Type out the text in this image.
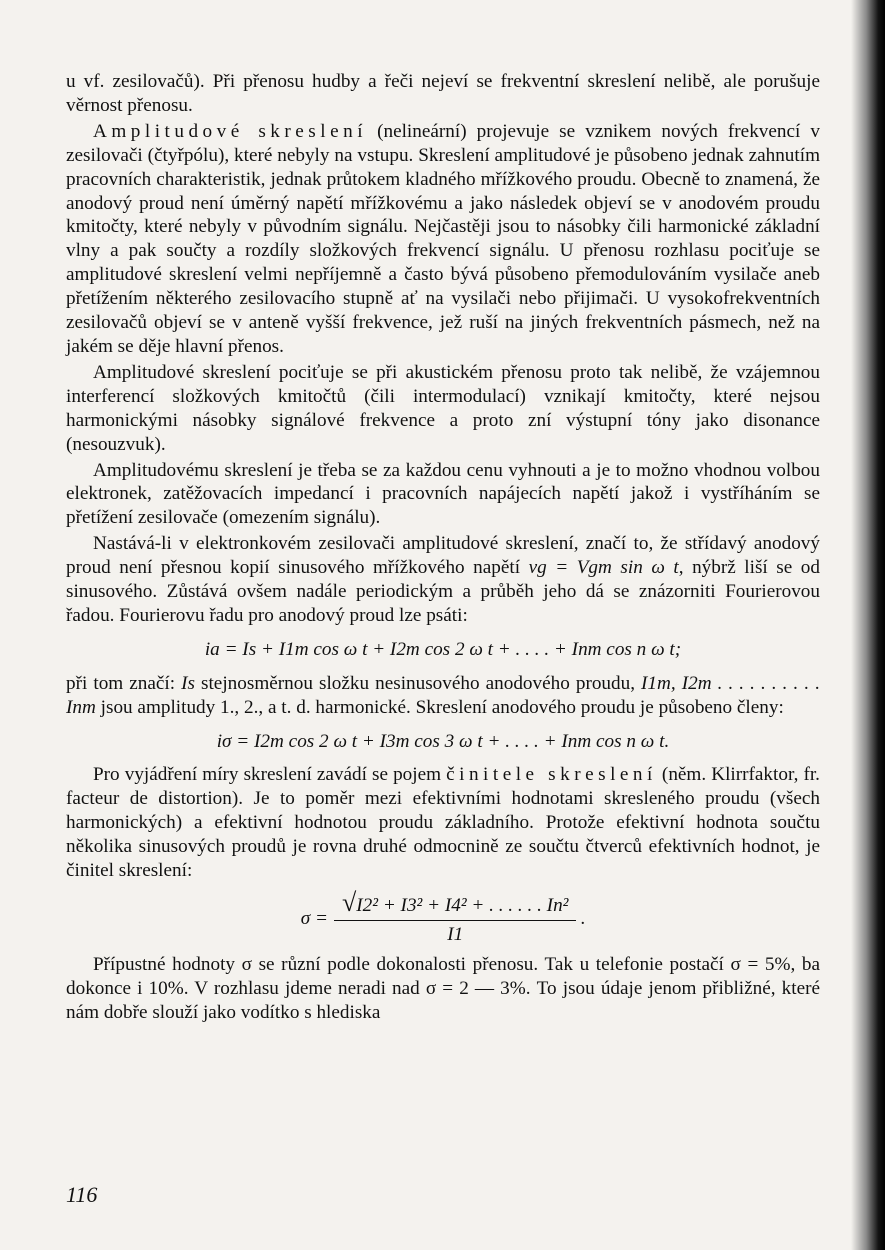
u vf. zesilovačů). Při přenosu hudby a řeči nejeví se frekventní skreslení nelibě, ale porušuje věrnost přenosu.

Amplitudové skreslení (nelineární) projevuje se vznikem nových frekvencí v zesilovači (čtyřpólu), které nebyly na vstupu. Skreslení amplitudové je působeno jednak zahnutím pracovních charakteristik, jednak průtokem kladného mřížkového proudu. Obecně to znamená, že anodový proud není úměrný napětí mřížkovému a jako následek objeví se v anodovém proudu kmitočty, které nebyly v původním signálu. Nejčastěji jsou to násobky čili harmonické základní vlny a pak součty a rozdíly složkových frekvencí signálu. U přenosu rozhlasu pociťuje se amplitudové skreslení velmi nepříjemně a často bývá působeno přemodulováním vysilače aneb přetížením některého zesilovacího stupně ať na vysilači nebo přijimači. U vysokofrekventních zesilovačů objeví se v anteně vyšší frekvence, jež ruší na jiných frekventních pásmech, než na jakém se děje hlavní přenos.

Amplitudové skreslení pociťuje se při akustickém přenosu proto tak nelibě, že vzájemnou interferencí složkových kmitočtů (čili intermodulací) vznikají kmitočty, které nejsou harmonickými násobky signálové frekvence a proto zní výstupní tóny jako disonance (nesouzvuk).

Amplitudovému skreslení je třeba se za každou cenu vyhnouti a je to možno vhodnou volbou elektronek, zatěžovacích impedancí i pracovních napájecích napětí jakož i vystříháním se přetížení zesilovače (omezením signálu).

Nastává-li v elektronkovém zesilovači amplitudové skreslení, značí to, že střídavý anodový proud není přesnou kopií sinusového mřížkového napětí vg = Vgm sin ω t, nýbrž liší se od sinusového. Zůstává ovšem nadále periodickým a průběh jeho dá se znázorniti Fourierovou řadou. Fourierovu řadu pro anodový proud lze psáti:

ia = Is + I1m cos ω t + I2m cos 2 ω t + . . . . + Inm cos n ω t;

při tom značí: Is stejnosměrnou složku nesinusového anodového proudu, I1m, I2m . . . . . . . . . . Inm jsou amplitudy 1., 2., a t. d. harmonické. Skreslení anodového proudu je působeno členy:

iσ = I2m cos 2 ω t + I3m cos 3 ω t + . . . . + Inm cos n ω t.

Pro vyjádření míry skreslení zavádí se pojem činitele skreslení (něm. Klirrfaktor, fr. facteur de distortion). Je to poměr mezi efektivními hodnotami skresleného proudu (všech harmonických) a efektivní hodnotou proudu základního. Protože efektivní hodnota součtu několika sinusových proudů je rovna druhé odmocnině ze součtu čtverců efektivních hodnot, je činitel skreslení:

$\sigma = \frac{\text{√I2² + I3² + I4² + . . . . . . In²}}{I1}$ .

Přípustné hodnoty σ se různí podle dokonalosti přenosu. Tak u telefonie postačí σ = 5%, ba dokonce i 10%. V rozhlasu jdeme neradi nad σ = 2 — 3%. To jsou údaje jenom přibližné, které nám dobře slouží jako vodítko s hlediska

116
